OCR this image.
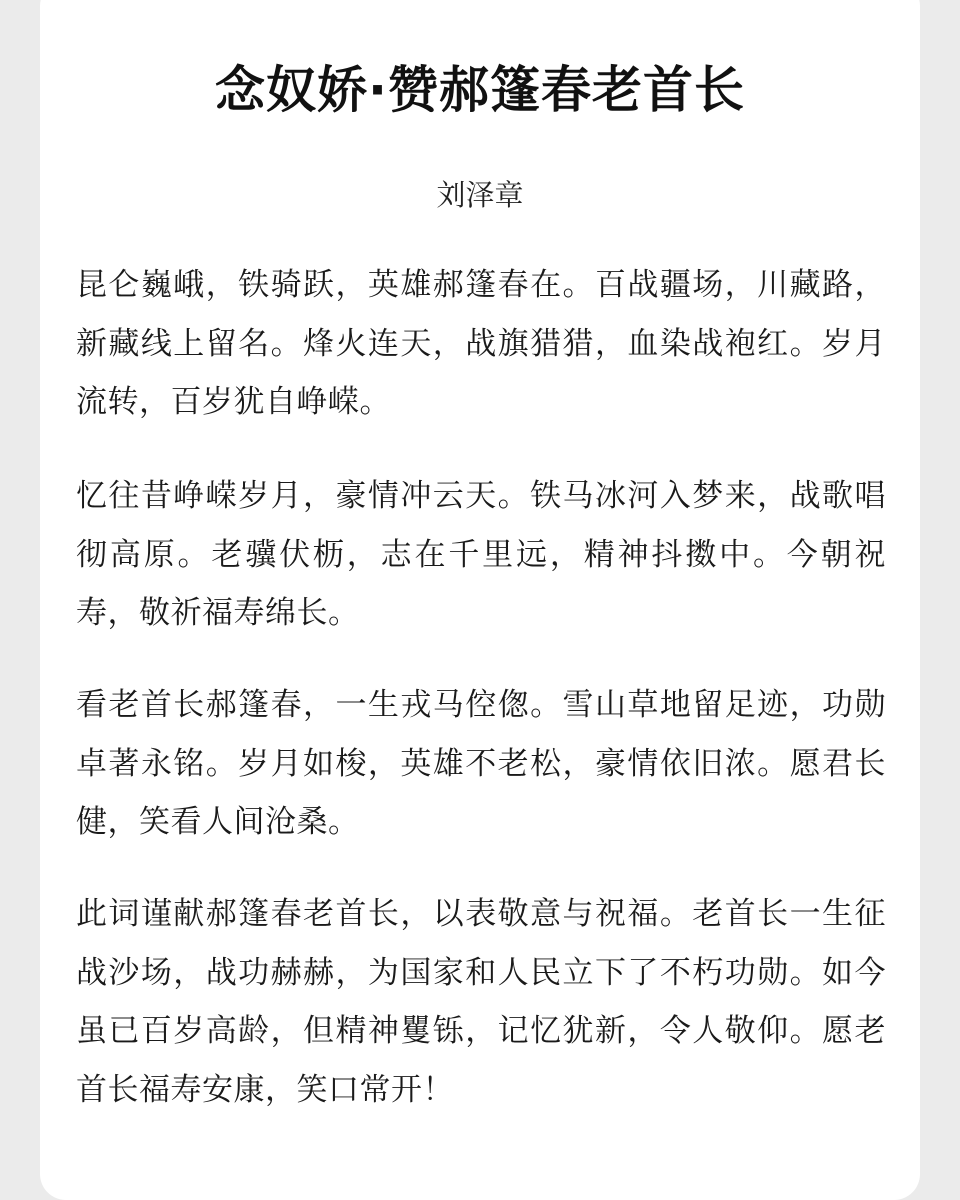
念奴娇·赞郝篷春老首长
刘泽章

昆仑巍峨，铁骑跃，英雄郝篷春在。百战疆场，川藏路，新藏线上留名。烽火连天，战旗猎猎，血染战袍红。岁月流转，百岁犹自峥嵘。

忆往昔峥嵘岁月，豪情冲云天。铁马冰河入梦来，战歌唱彻高原。老骥伏枥，志在千里远，精神抖擞中。今朝祝寿，敬祈福寿绵长。

看老首长郝篷春，一生戎马倥偬。雪山草地留足迹，功勋卓著永铭。岁月如梭，英雄不老松，豪情依旧浓。愿君长健，笑看人间沧桑。

此词谨献郝篷春老首长，以表敬意与祝福。老首长一生征战沙场，战功赫赫，为国家和人民立下了不朽功勋。如今虽已百岁高龄，但精神矍铄，记忆犹新，令人敬仰。愿老首长福寿安康，笑口常开！
